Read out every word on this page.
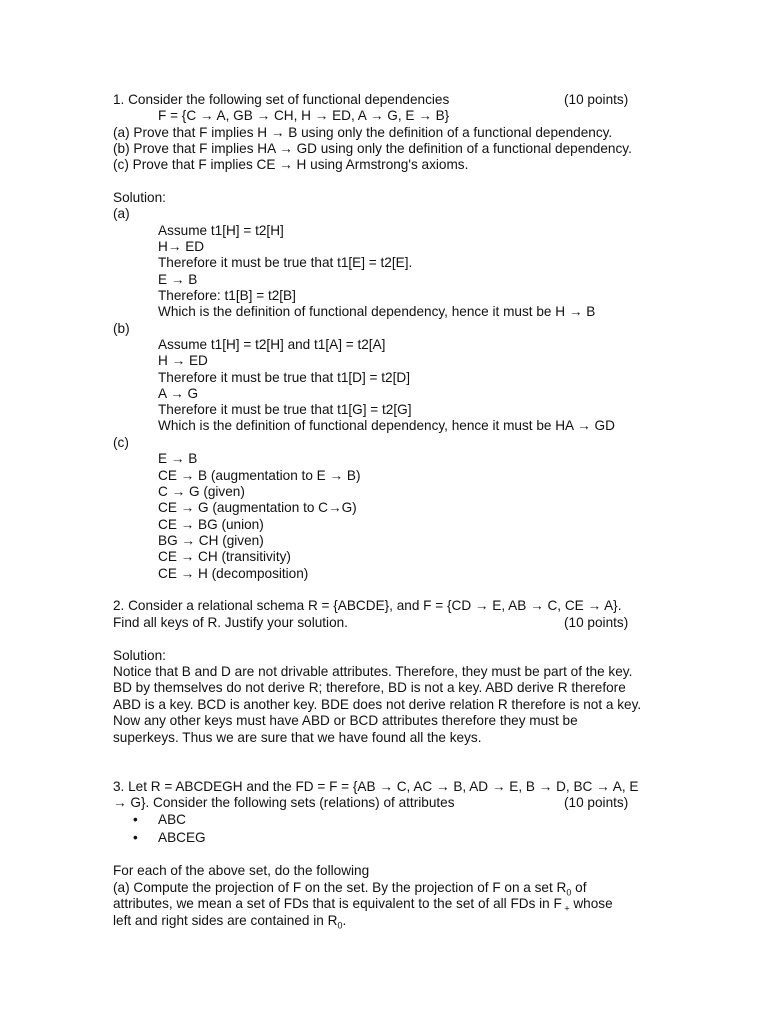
1. Consider the following set of functional dependencies	(10 points)
F = {C → A, GB → CH, H → ED, A → G, E → B}
(a) Prove that F implies H → B using only the definition of a functional dependency.
(b) Prove that F implies HA → GD using only the definition of a functional dependency.
(c) Prove that F implies CE → H using Armstrong's axioms.
Solution:
(a)
Assume t1[H] = t2[H]
H→ ED
Therefore it must be true that t1[E] = t2[E].
E → B
Therefore: t1[B] = t2[B]
Which is the definition of functional dependency, hence it must be H → B
(b)
Assume t1[H] = t2[H] and t1[A] = t2[A]
H → ED
Therefore it must be true that t1[D] = t2[D]
A → G
Therefore it must be true that t1[G] = t2[G]
Which is the definition of functional dependency, hence it must be HA → GD
(c)
E → B
CE → B (augmentation to E → B)
C → G (given)
CE → G (augmentation to C→G)
CE → BG (union)
BG → CH (given)
CE → CH (transitivity)
CE → H (decomposition)
2. Consider a relational schema R = {ABCDE}, and F = {CD → E, AB → C, CE → A}.
Find all keys of R. Justify your solution.	(10 points)
Solution:
Notice that B and D are not drivable attributes. Therefore, they must be part of the key.
BD by themselves do not derive R; therefore, BD is not a key. ABD derive R therefore
ABD is a key. BCD is another key. BDE does not derive relation R therefore is not a key.
Now any other keys must have ABD or BCD attributes therefore they must be
superkeys. Thus we are sure that we have found all the keys.
3. Let R = ABCDEGH and the FD = F = {AB → C, AC → B, AD → E, B → D, BC → A, E
→ G}. Consider the following sets (relations) of attributes	(10 points)
• ABC
• ABCEG
For each of the above set, do the following
(a) Compute the projection of F on the set. By the projection of F on a set $R_0$ of
attributes, we mean a set of FDs that is equivalent to the set of all FDs in F $_+$ whose
left and right sides are contained in $R_0$.
